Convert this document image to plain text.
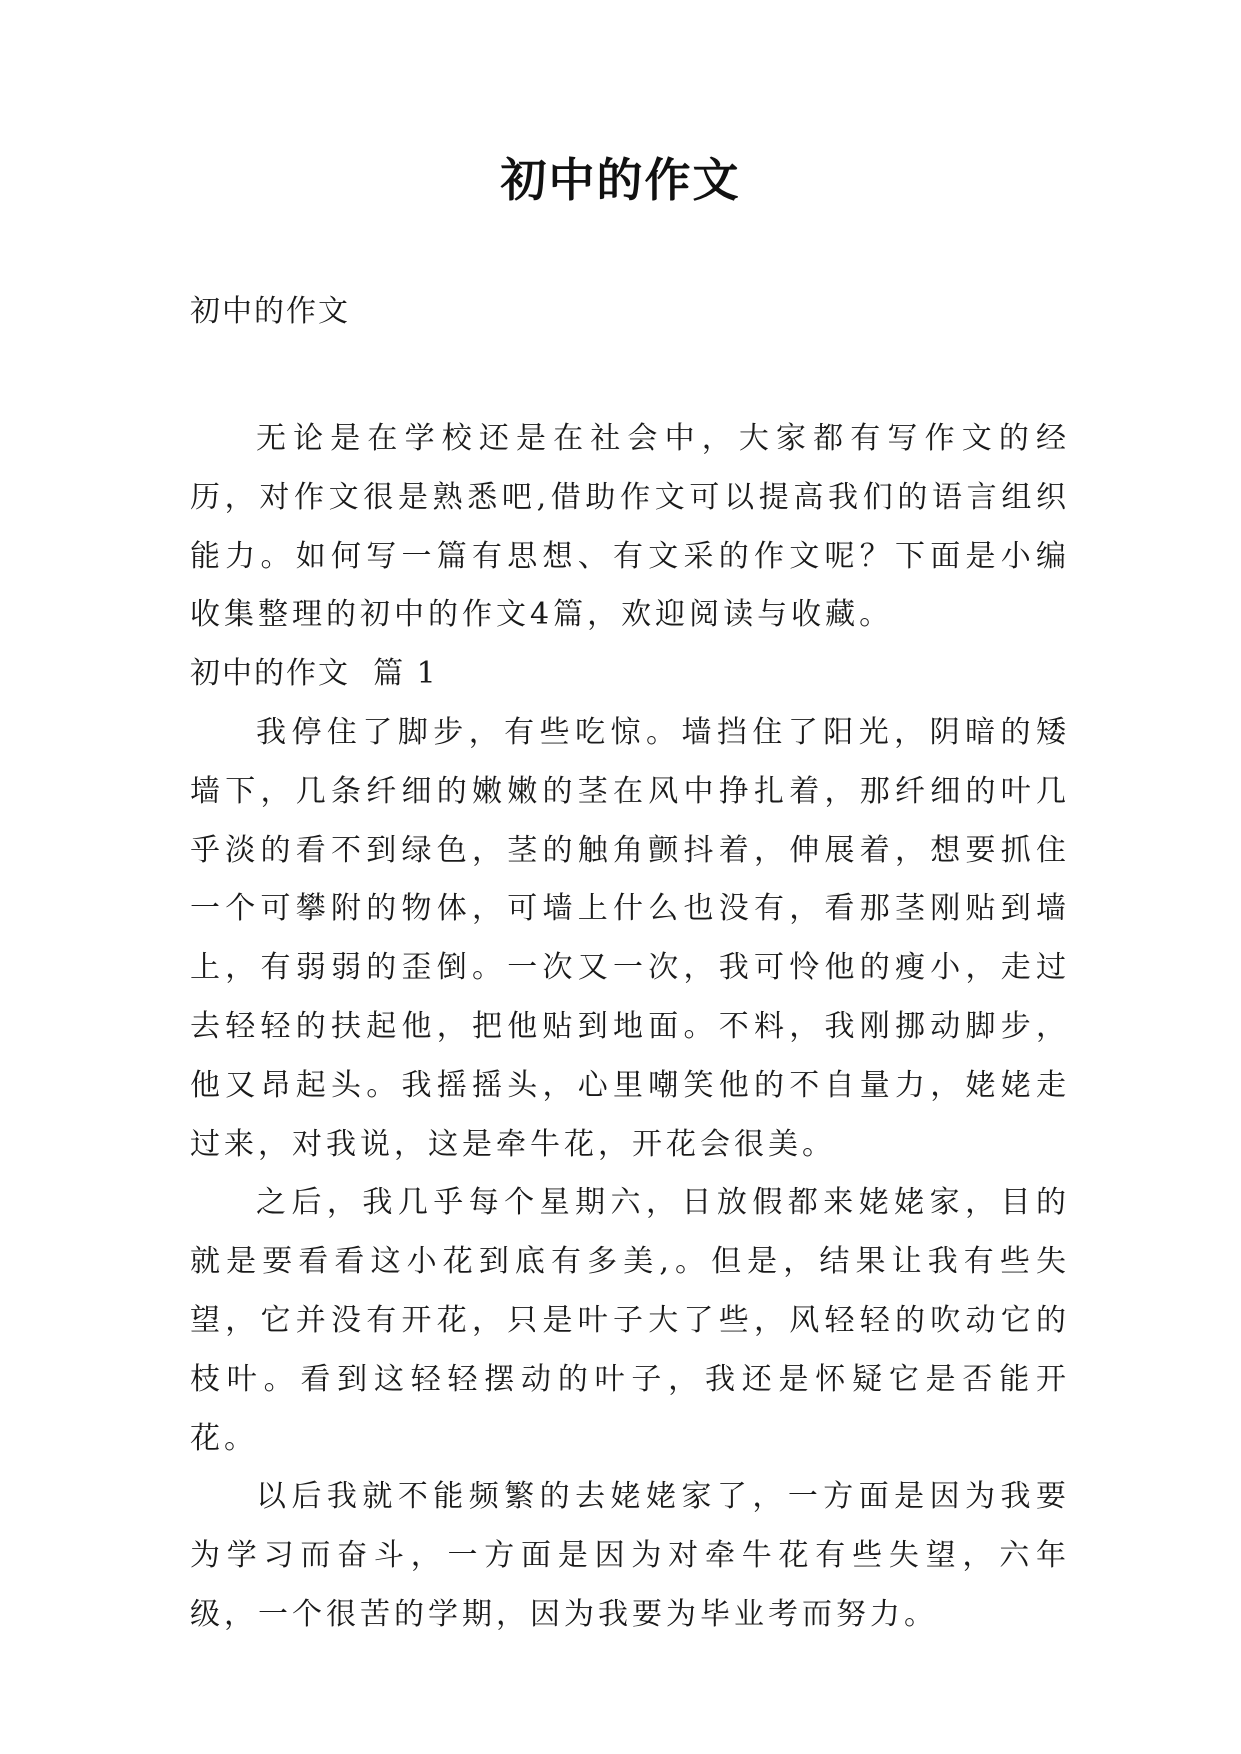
初中的作文
初中的作文

无论是在学校还是在社会中，大家都有写作文的经历，对作文很是熟悉吧,借助作文可以提高我们的语言组织能力。如何写一篇有思想、有文采的作文呢？下面是小编收集整理的初中的作文4篇，欢迎阅读与收藏。

初中的作文  篇 1

我停住了脚步，有些吃惊。墙挡住了阳光，阴暗的矮墙下，几条纤细的嫩嫩的茎在风中挣扎着，那纤细的叶几乎淡的看不到绿色，茎的触角颤抖着，伸展着，想要抓住一个可攀附的物体，可墙上什么也没有，看那茎刚贴到墙上，有弱弱的歪倒。一次又一次，我可怜他的瘦小，走过去轻轻的扶起他，把他贴到地面。不料，我刚挪动脚步，他又昂起头。我摇摇头，心里嘲笑他的不自量力，姥姥走过来，对我说，这是牵牛花，开花会很美。

之后，我几乎每个星期六，日放假都来姥姥家，目的就是要看看这小花到底有多美,。但是，结果让我有些失望，它并没有开花，只是叶子大了些，风轻轻的吹动它的枝叶。看到这轻轻摆动的叶子，我还是怀疑它是否能开花。

以后我就不能频繁的去姥姥家了，一方面是因为我要为学习而奋斗，一方面是因为对牵牛花有些失望，六年级，一个很苦的学期，因为我要为毕业考而努力。
